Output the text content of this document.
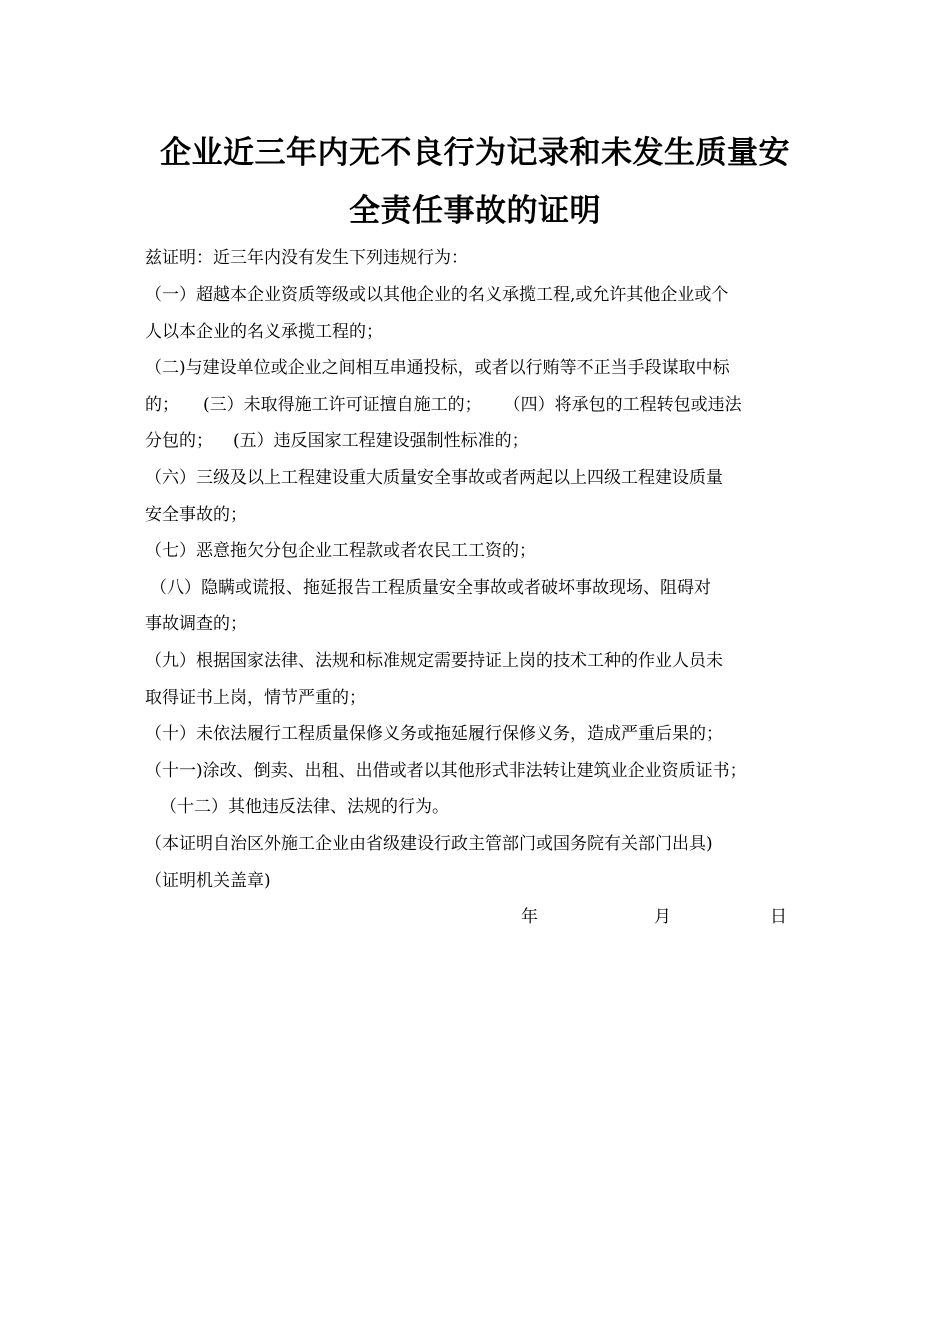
企业近三年内无不良行为记录和未发生质量安
全责任事故的证明
兹证明：近三年内没有发生下列违规行为：
（一）超越本企业资质等级或以其他企业的名义承揽工程,或允许其他企业或个
人以本企业的名义承揽工程的；
（二)与建设单位或企业之间相互串通投标，或者以行贿等不正当手段谋取中标
的； (三）未取得施工许可证擅自施工的； （四）将承包的工程转包或违法
分包的； (五）违反国家工程建设强制性标准的；
（六）三级及以上工程建设重大质量安全事故或者两起以上四级工程建设质量
安全事故的；
（七）恶意拖欠分包企业工程款或者农民工工资的；
（八）隐瞒或谎报、拖延报告工程质量安全事故或者破坏事故现场、阻碍对
事故调查的；
（九）根据国家法律、法规和标准规定需要持证上岗的技术工种的作业人员未
取得证书上岗，情节严重的；
（十）未依法履行工程质量保修义务或拖延履行保修义务，造成严重后果的；
（十一)涂改、倒卖、出租、出借或者以其他形式非法转让建筑业企业资质证书；
（十二）其他违反法律、法规的行为。
（本证明自治区外施工企业由省级建设行政主管部门或国务院有关部门出具)
（证明机关盖章)
年	月	日
